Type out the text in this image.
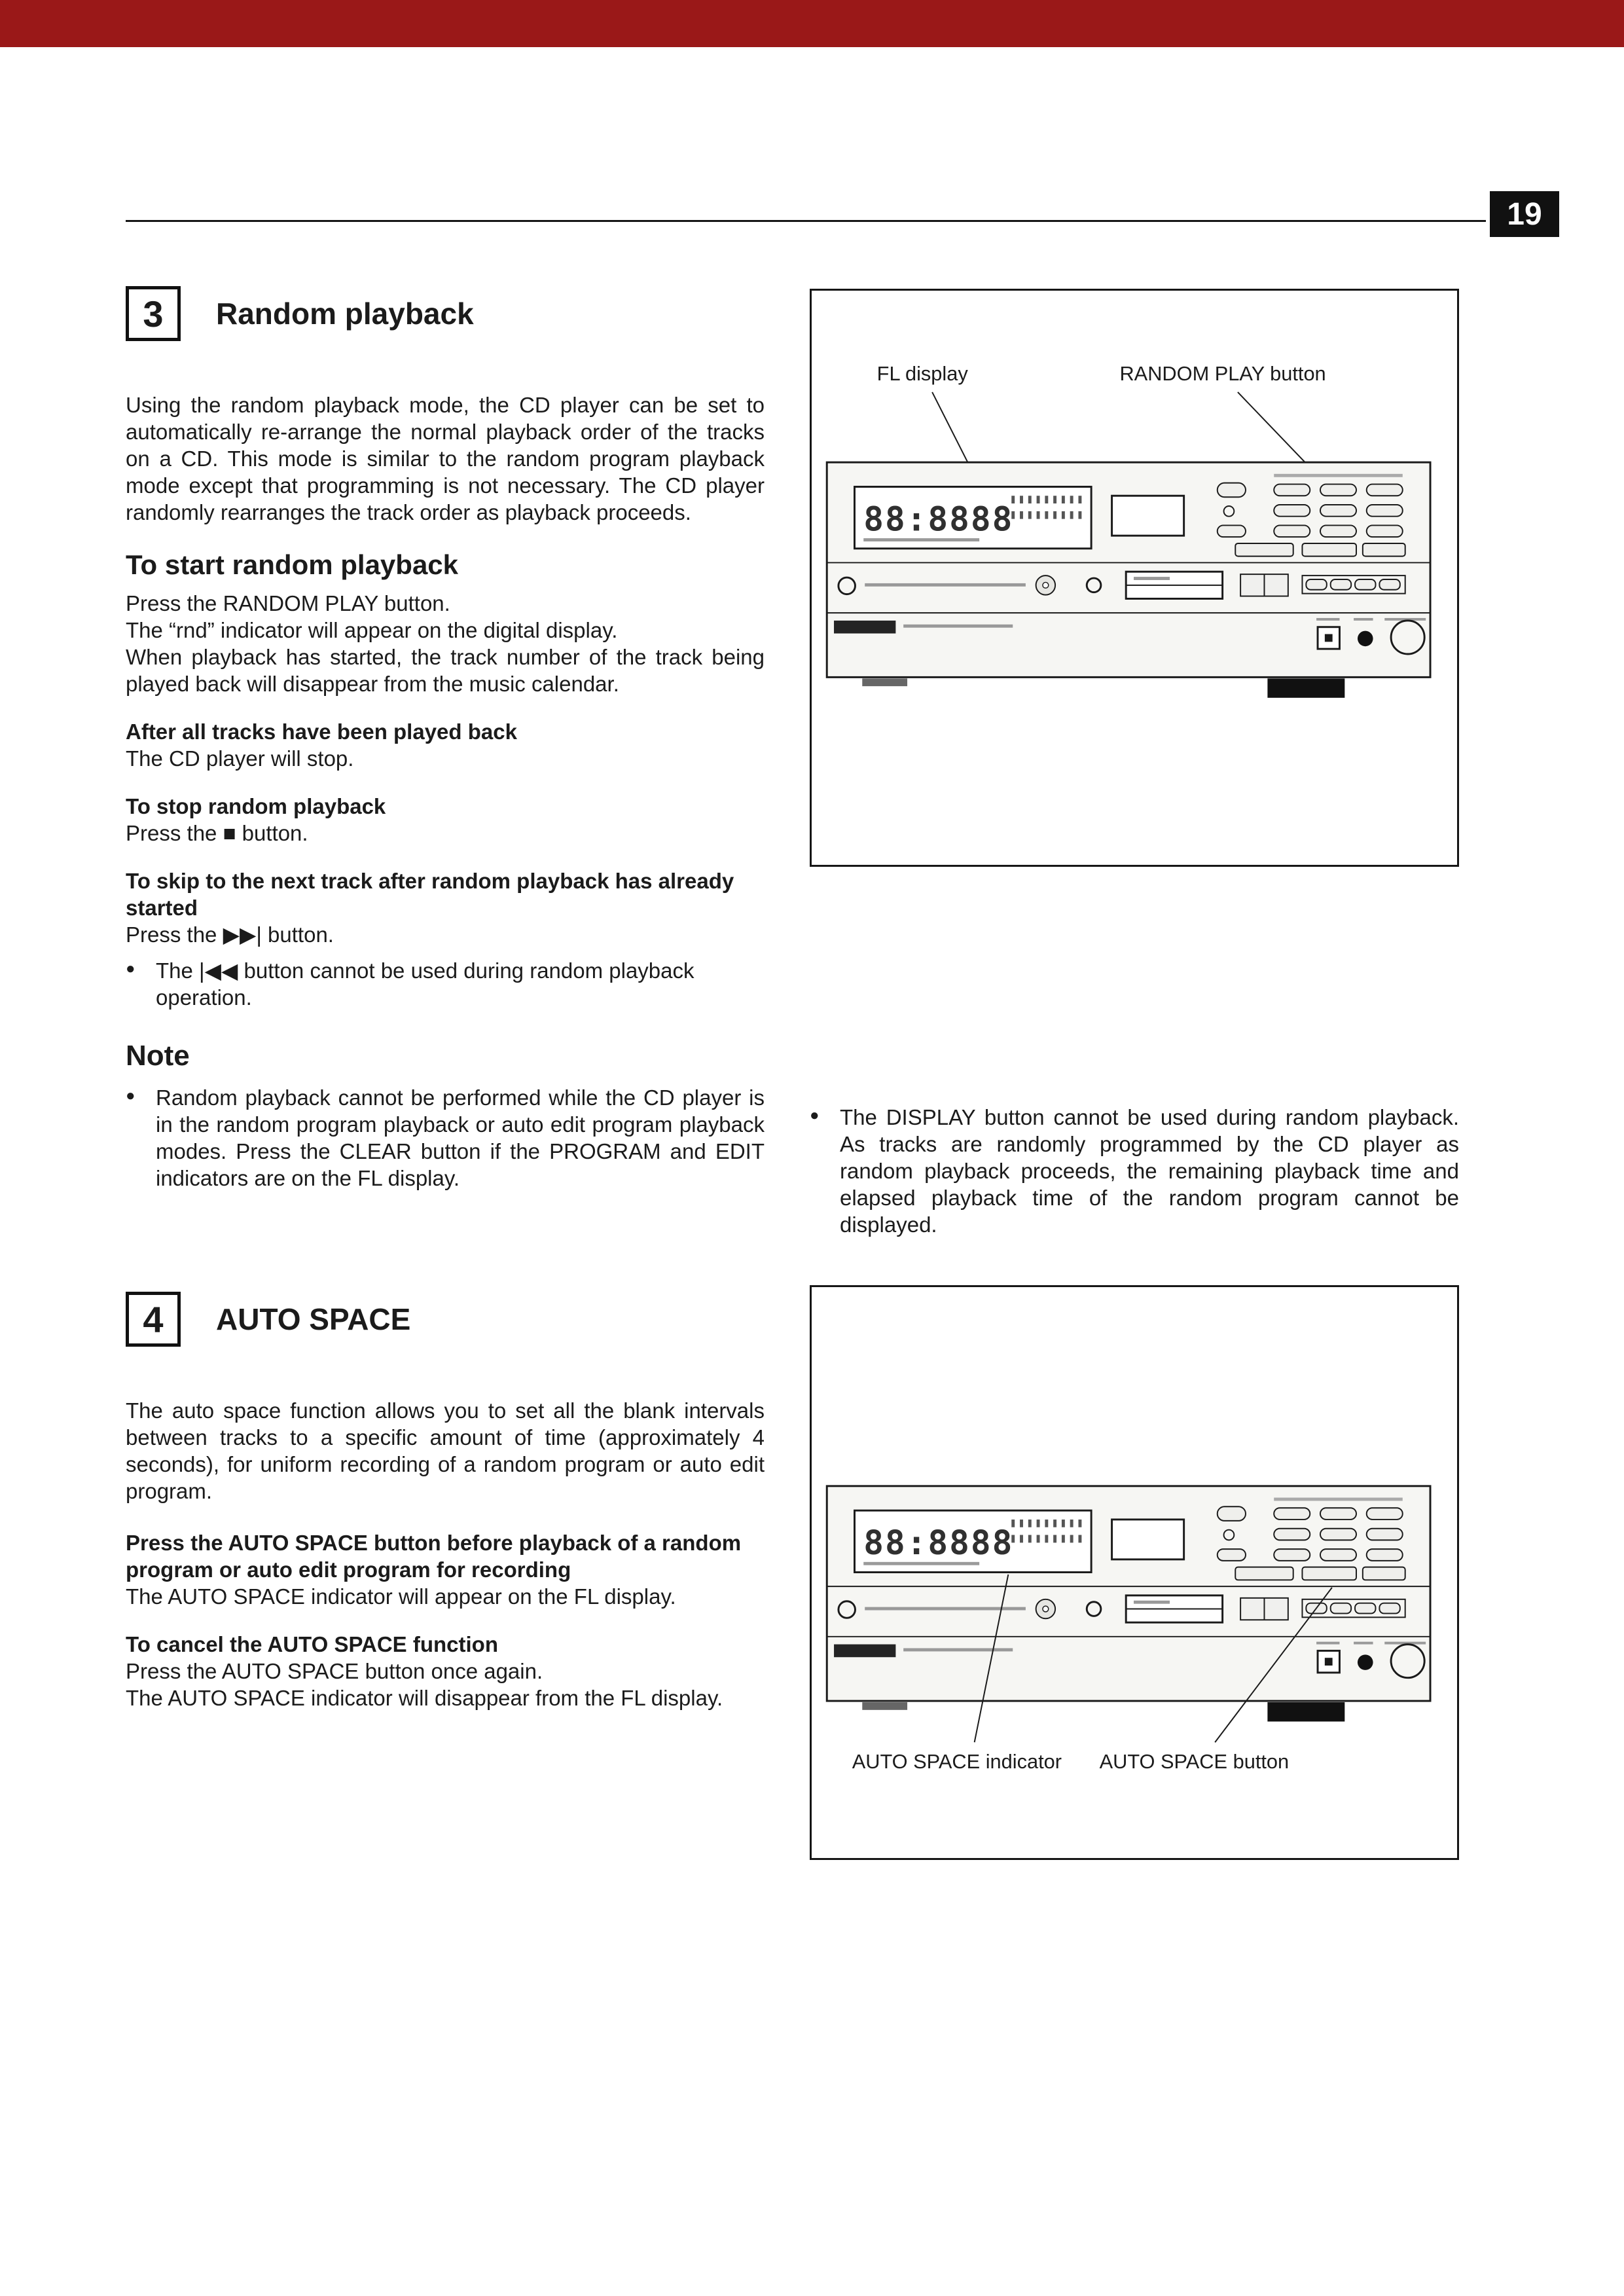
19
3	Random playback

Using the random playback mode, the CD player can be set to automatically re-arrange the normal playback order of the tracks on a CD. This mode is similar to the random program playback mode except that programming is not necessary. The CD player randomly rearranges the track order as playback proceeds.

To start random playback

Press the RANDOM PLAY button.

The “rnd” indicator will appear on the digital display.

When playback has started, the track number of the track being played back will disappear from the music calendar.

After all tracks have been played back

The CD player will stop.

To stop random playback

Press the ■ button.

To skip to the next track after random playback has already started

Press the ▶▶| button.

● The |◀◀ button cannot be used during random playback operation.
Note
● Random playback cannot be performed while the CD player is in the random program playback or auto edit program playback modes. Press the CLEAR button if the PROGRAM and EDIT indicators are on the FL display.
● The DISPLAY button cannot be used during random playback. As tracks are randomly programmed by the CD player as random playback proceeds, the remaining playback time and elapsed playback time of the random program cannot be displayed.
FL display	RANDOM PLAY button
4	AUTO SPACE

The auto space function allows you to set all the blank intervals between tracks to a specific amount of time (approximately 4 seconds), for uniform recording of a random program or auto edit program.

Press the AUTO SPACE button before playback of a random program or auto edit program for recording

The AUTO SPACE indicator will appear on the FL display.

To cancel the AUTO SPACE function

Press the AUTO SPACE button once again.

The AUTO SPACE indicator will disappear from the FL display.

AUTO SPACE indicator AUTO SPACE button
